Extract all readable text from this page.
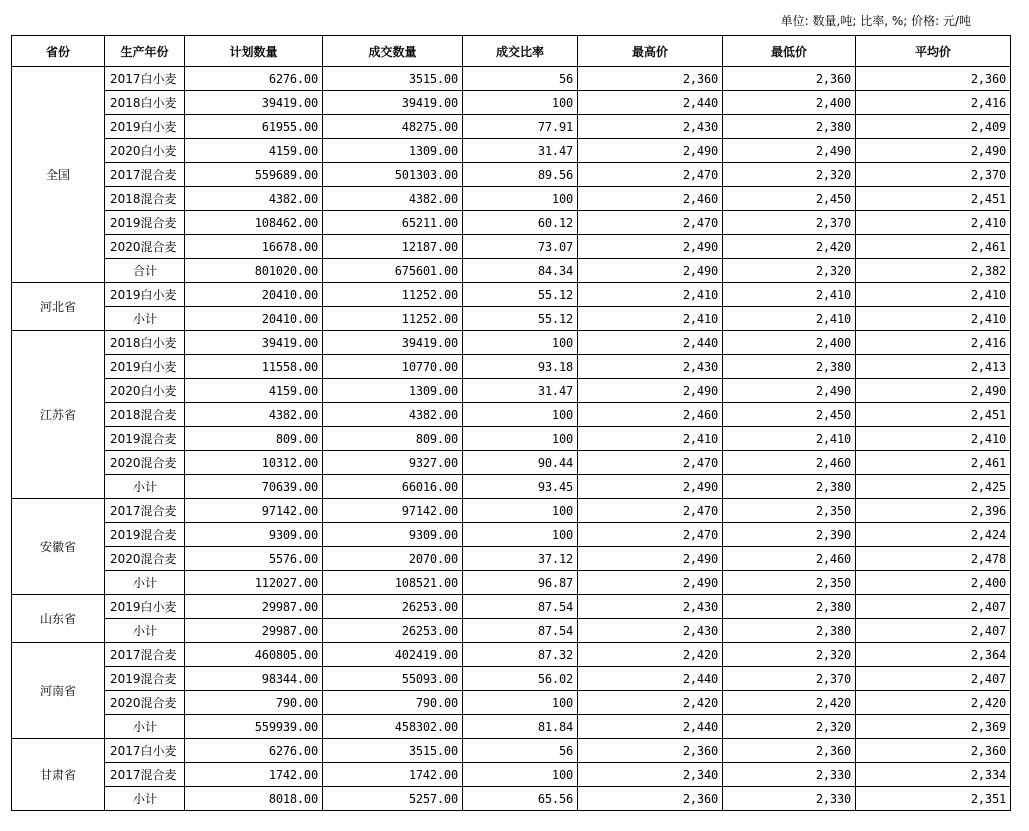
单位: 数量,吨; 比率, %; 价格: 元/吨
省份	生产年份	计划数量	成交数量	成交比率	最高价	最低价	平均价
全国	2017白小麦	6276.00	3515.00	56	2,360	2,360	2,360
	2018白小麦	39419.00	39419.00	100	2,440	2,400	2,416
	2019白小麦	61955.00	48275.00	77.91	2,430	2,380	2,409
	2020白小麦	4159.00	1309.00	31.47	2,490	2,490	2,490
	2017混合麦	559689.00	501303.00	89.56	2,470	2,320	2,370
	2018混合麦	4382.00	4382.00	100	2,460	2,450	2,451
	2019混合麦	108462.00	65211.00	60.12	2,470	2,370	2,410
	2020混合麦	16678.00	12187.00	73.07	2,490	2,420	2,461
	合计	801020.00	675601.00	84.34	2,490	2,320	2,382
河北省	2019白小麦	20410.00	11252.00	55.12	2,410	2,410	2,410
	小计	20410.00	11252.00	55.12	2,410	2,410	2,410
江苏省	2018白小麦	39419.00	39419.00	100	2,440	2,400	2,416
	2019白小麦	11558.00	10770.00	93.18	2,430	2,380	2,413
	2020白小麦	4159.00	1309.00	31.47	2,490	2,490	2,490
	2018混合麦	4382.00	4382.00	100	2,460	2,450	2,451
	2019混合麦	809.00	809.00	100	2,410	2,410	2,410
	2020混合麦	10312.00	9327.00	90.44	2,470	2,460	2,461
	小计	70639.00	66016.00	93.45	2,490	2,380	2,425
安徽省	2017混合麦	97142.00	97142.00	100	2,470	2,350	2,396
	2019混合麦	9309.00	9309.00	100	2,470	2,390	2,424
	2020混合麦	5576.00	2070.00	37.12	2,490	2,460	2,478
	小计	112027.00	108521.00	96.87	2,490	2,350	2,400
山东省	2019白小麦	29987.00	26253.00	87.54	2,430	2,380	2,407
	小计	29987.00	26253.00	87.54	2,430	2,380	2,407
河南省	2017混合麦	460805.00	402419.00	87.32	2,420	2,320	2,364
	2019混合麦	98344.00	55093.00	56.02	2,440	2,370	2,407
	2020混合麦	790.00	790.00	100	2,420	2,420	2,420
	小计	559939.00	458302.00	81.84	2,440	2,320	2,369
甘肃省	2017白小麦	6276.00	3515.00	56	2,360	2,360	2,360
	2017混合麦	1742.00	1742.00	100	2,340	2,330	2,334
	小计	8018.00	5257.00	65.56	2,360	2,330	2,351
